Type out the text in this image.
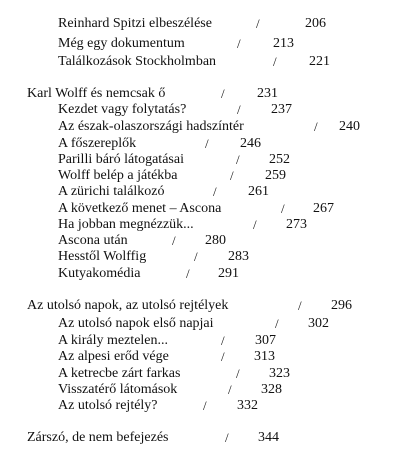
Reinhard Spitzi elbeszélése	/	206
Még egy dokumentum	/ 213
Találkozások Stockholmban	/ 221
Karl Wolff és nemcsak ő	/ 231
Kezdet vagy folytatás?	/ 237
Az észak-olaszországi hadszíntér	/ 240
A főszereplők	/ 246
Parilli báró látogatásai	/ 252
Wolff belép a játékba	/ 259
A zürichi találkozó	/ 261
A következő menet – Ascona	/ 267
Ha jobban megnézzük...	/ 273
Ascona után	/ 280
Hesstől Wolffig	/ 283
Kutyakomédia	/ 291
Az utolsó napok, az utolsó rejtélyek	/ 296
Az utolsó napok első napjai	/ 302
A király meztelen...	/ 307
Az alpesi erőd vége	/ 313
A ketrecbe zárt farkas	/ 323
Visszatérő látomások	/ 328
Az utolsó rejtély?	/ 332
Zárszó, de nem befejezés	/ 344
